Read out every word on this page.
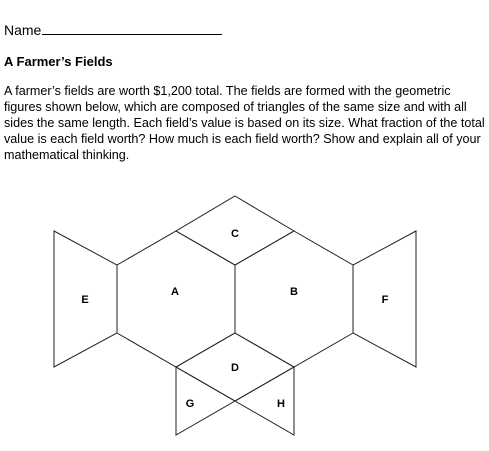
Name
A Farmer’s Fields
A farmer’s fields are worth $1,200 total. The fields are formed with the geometric figures shown below, which are composed of triangles of the same size and with all sides the same length. Each field’s value is based on its size. What fraction of the total value is each field worth? How much is each field worth? Show and explain all of your mathematical thinking.
C
A	B
E	F
D
G	H
